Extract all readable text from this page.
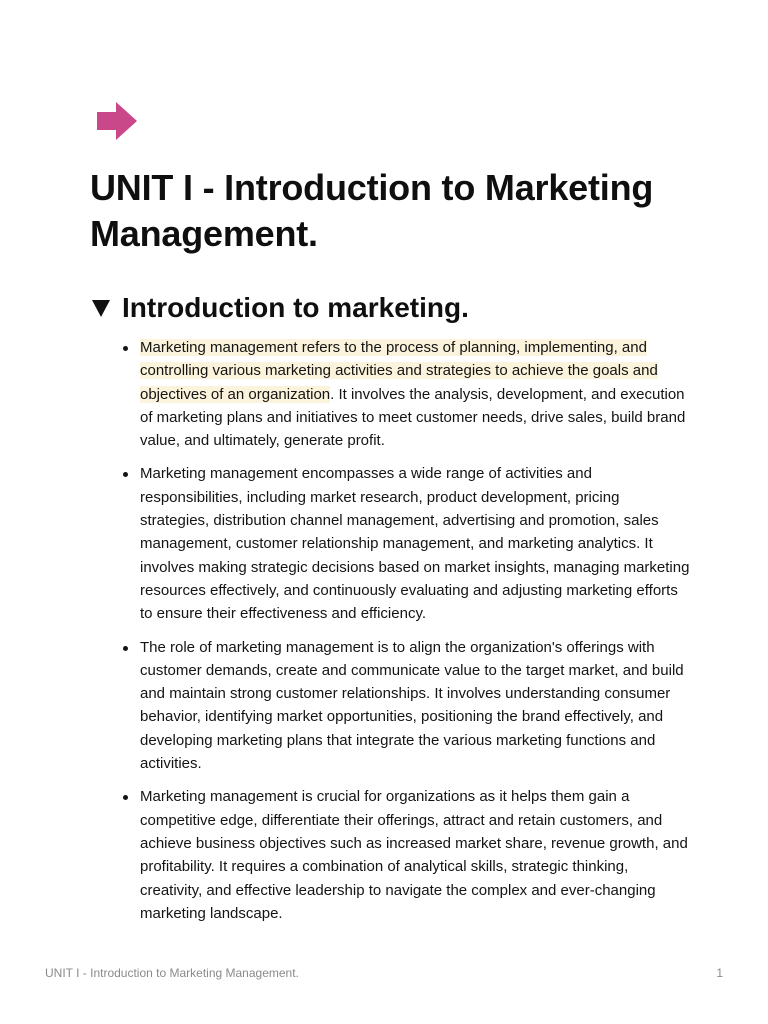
UNIT I - Introduction to Marketing Management.
Introduction to marketing.
Marketing management refers to the process of planning, implementing, and controlling various marketing activities and strategies to achieve the goals and objectives of an organization. It involves the analysis, development, and execution of marketing plans and initiatives to meet customer needs, drive sales, build brand value, and ultimately, generate profit.
Marketing management encompasses a wide range of activities and responsibilities, including market research, product development, pricing strategies, distribution channel management, advertising and promotion, sales management, customer relationship management, and marketing analytics. It involves making strategic decisions based on market insights, managing marketing resources effectively, and continuously evaluating and adjusting marketing efforts to ensure their effectiveness and efficiency.
The role of marketing management is to align the organization's offerings with customer demands, create and communicate value to the target market, and build and maintain strong customer relationships. It involves understanding consumer behavior, identifying market opportunities, positioning the brand effectively, and developing marketing plans that integrate the various marketing functions and activities.
Marketing management is crucial for organizations as it helps them gain a competitive edge, differentiate their offerings, attract and retain customers, and achieve business objectives such as increased market share, revenue growth, and profitability. It requires a combination of analytical skills, strategic thinking, creativity, and effective leadership to navigate the complex and ever-changing marketing landscape.
UNIT I - Introduction to Marketing Management.	1
